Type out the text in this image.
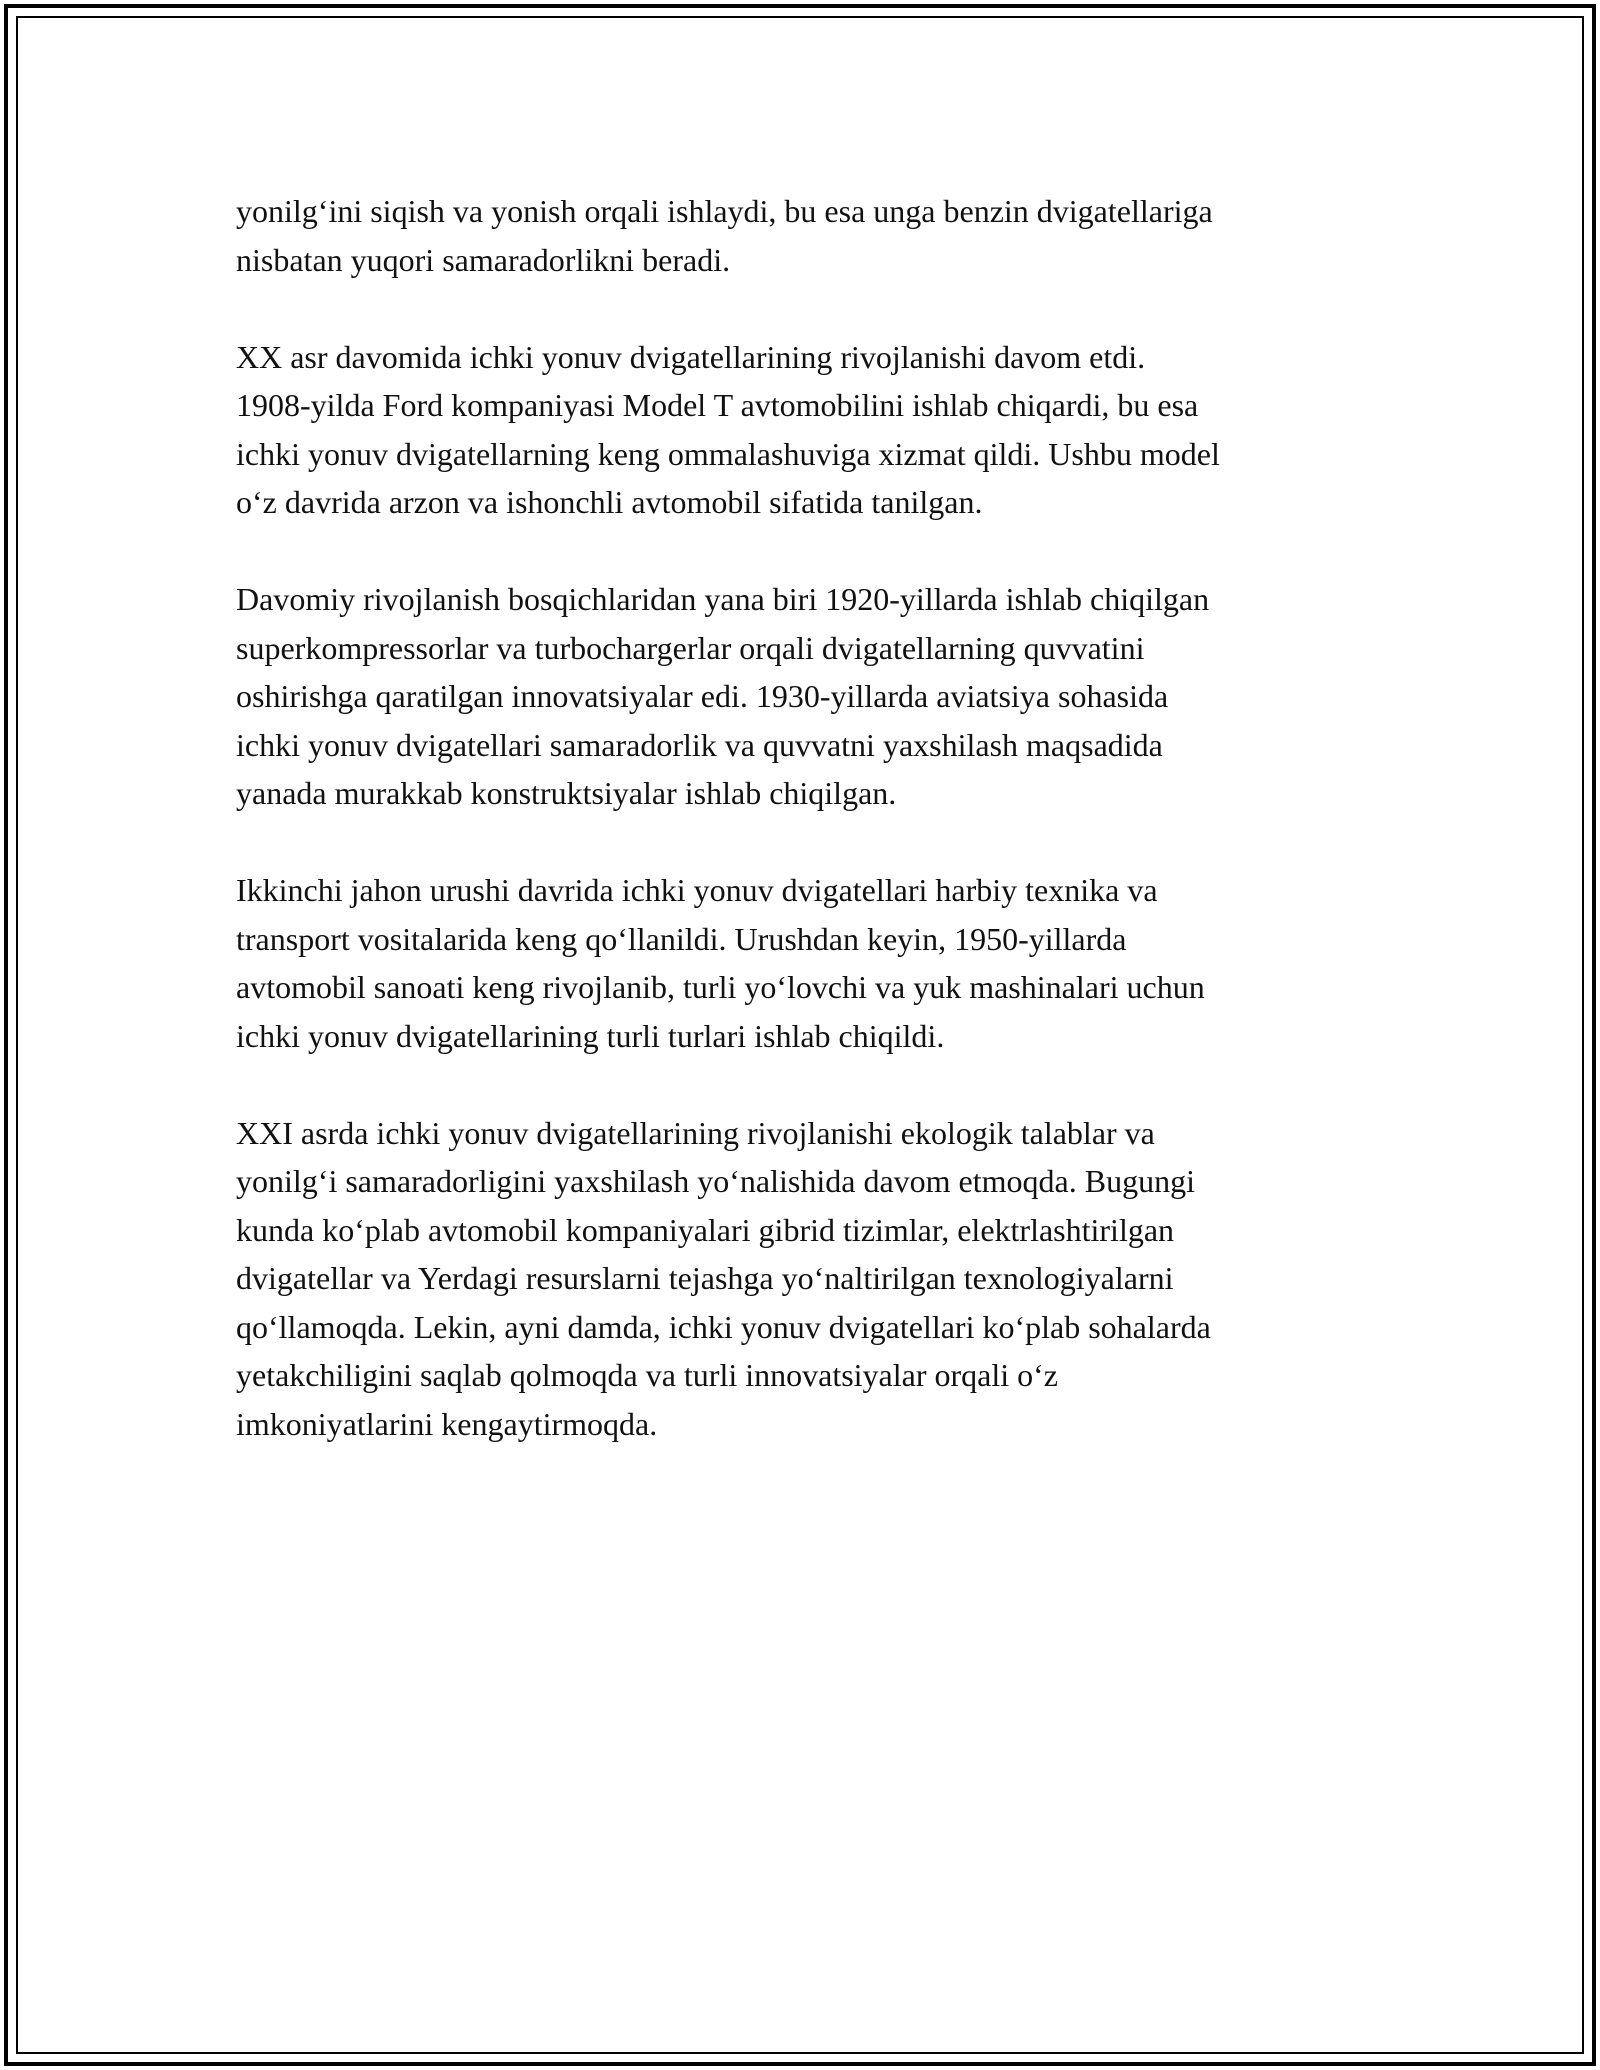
yonilg‘ini siqish va yonish orqali ishlaydi, bu esa unga benzin dvigatellariga
nisbatan yuqori samaradorlikni beradi.

XX asr davomida ichki yonuv dvigatellarining rivojlanishi davom etdi.
1908-yilda Ford kompaniyasi Model T avtomobilini ishlab chiqardi, bu esa
ichki yonuv dvigatellarning keng ommalashuviga xizmat qildi. Ushbu model
o‘z davrida arzon va ishonchli avtomobil sifatida tanilgan.

Davomiy rivojlanish bosqichlaridan yana biri 1920-yillarda ishlab chiqilgan
superkompressorlar va turbochargerlar orqali dvigatellarning quvvatini
oshirishga qaratilgan innovatsiyalar edi. 1930-yillarda aviatsiya sohasida
ichki yonuv dvigatellari samaradorlik va quvvatni yaxshilash maqsadida
yanada murakkab konstruktsiyalar ishlab chiqilgan.

Ikkinchi jahon urushi davrida ichki yonuv dvigatellari harbiy texnika va
transport vositalarida keng qo‘llanildi. Urushdan keyin, 1950-yillarda
avtomobil sanoati keng rivojlanib, turli yo‘lovchi va yuk mashinalari uchun
ichki yonuv dvigatellarining turli turlari ishlab chiqildi.

XXI asrda ichki yonuv dvigatellarining rivojlanishi ekologik talablar va
yonilg‘i samaradorligini yaxshilash yo‘nalishida davom etmoqda. Bugungi
kunda ko‘plab avtomobil kompaniyalari gibrid tizimlar, elektrlashtirilgan
dvigatellar va Yerdagi resurslarni tejashga yo‘naltirilgan texnologiyalarni
qo‘llamoqda. Lekin, ayni damda, ichki yonuv dvigatellari ko‘plab sohalarda
yetakchiligini saqlab qolmoqda va turli innovatsiyalar orqali o‘z
imkoniyatlarini kengaytirmoqda.
